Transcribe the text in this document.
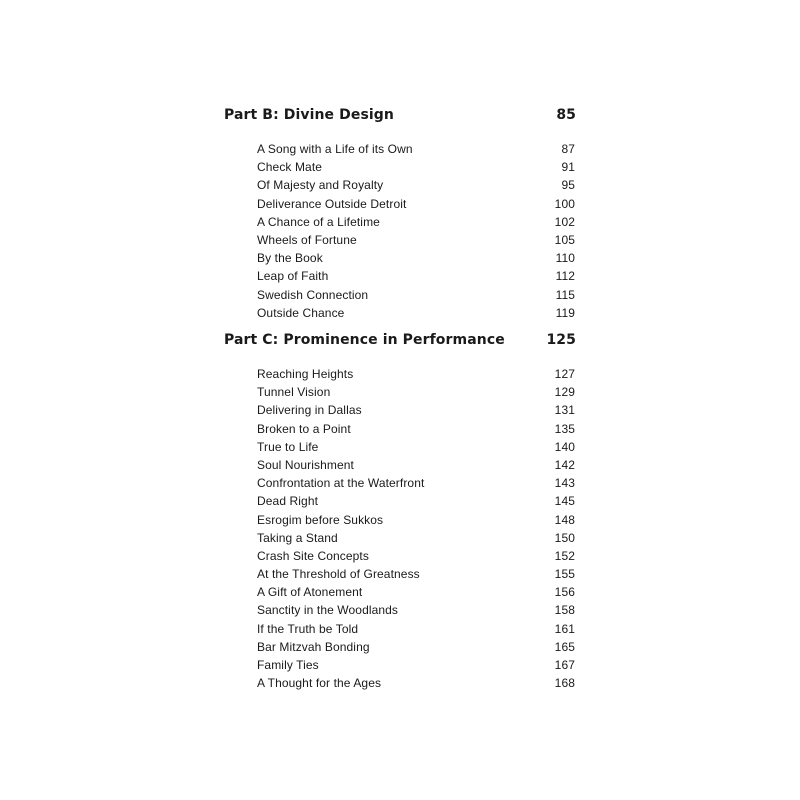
Part B: Divine Design	85
A Song with a Life of its Own	87
Check Mate	91
Of Majesty and Royalty	95
Deliverance Outside Detroit	100
A Chance of a Lifetime	102
Wheels of Fortune	105
By the Book	110
Leap of Faith	112
Swedish Connection	115
Outside Chance	119
Part C: Prominence in Performance	125
Reaching Heights	127
Tunnel Vision	129
Delivering in Dallas	131
Broken to a Point	135
True to Life	140
Soul Nourishment	142
Confrontation at the Waterfront	143
Dead Right	145
Esrogim before Sukkos	148
Taking a Stand	150
Crash Site Concepts	152
At the Threshold of Greatness	155
A Gift of Atonement	156
Sanctity in the Woodlands	158
If the Truth be Told	161
Bar Mitzvah Bonding	165
Family Ties	167
A Thought for the Ages	168
